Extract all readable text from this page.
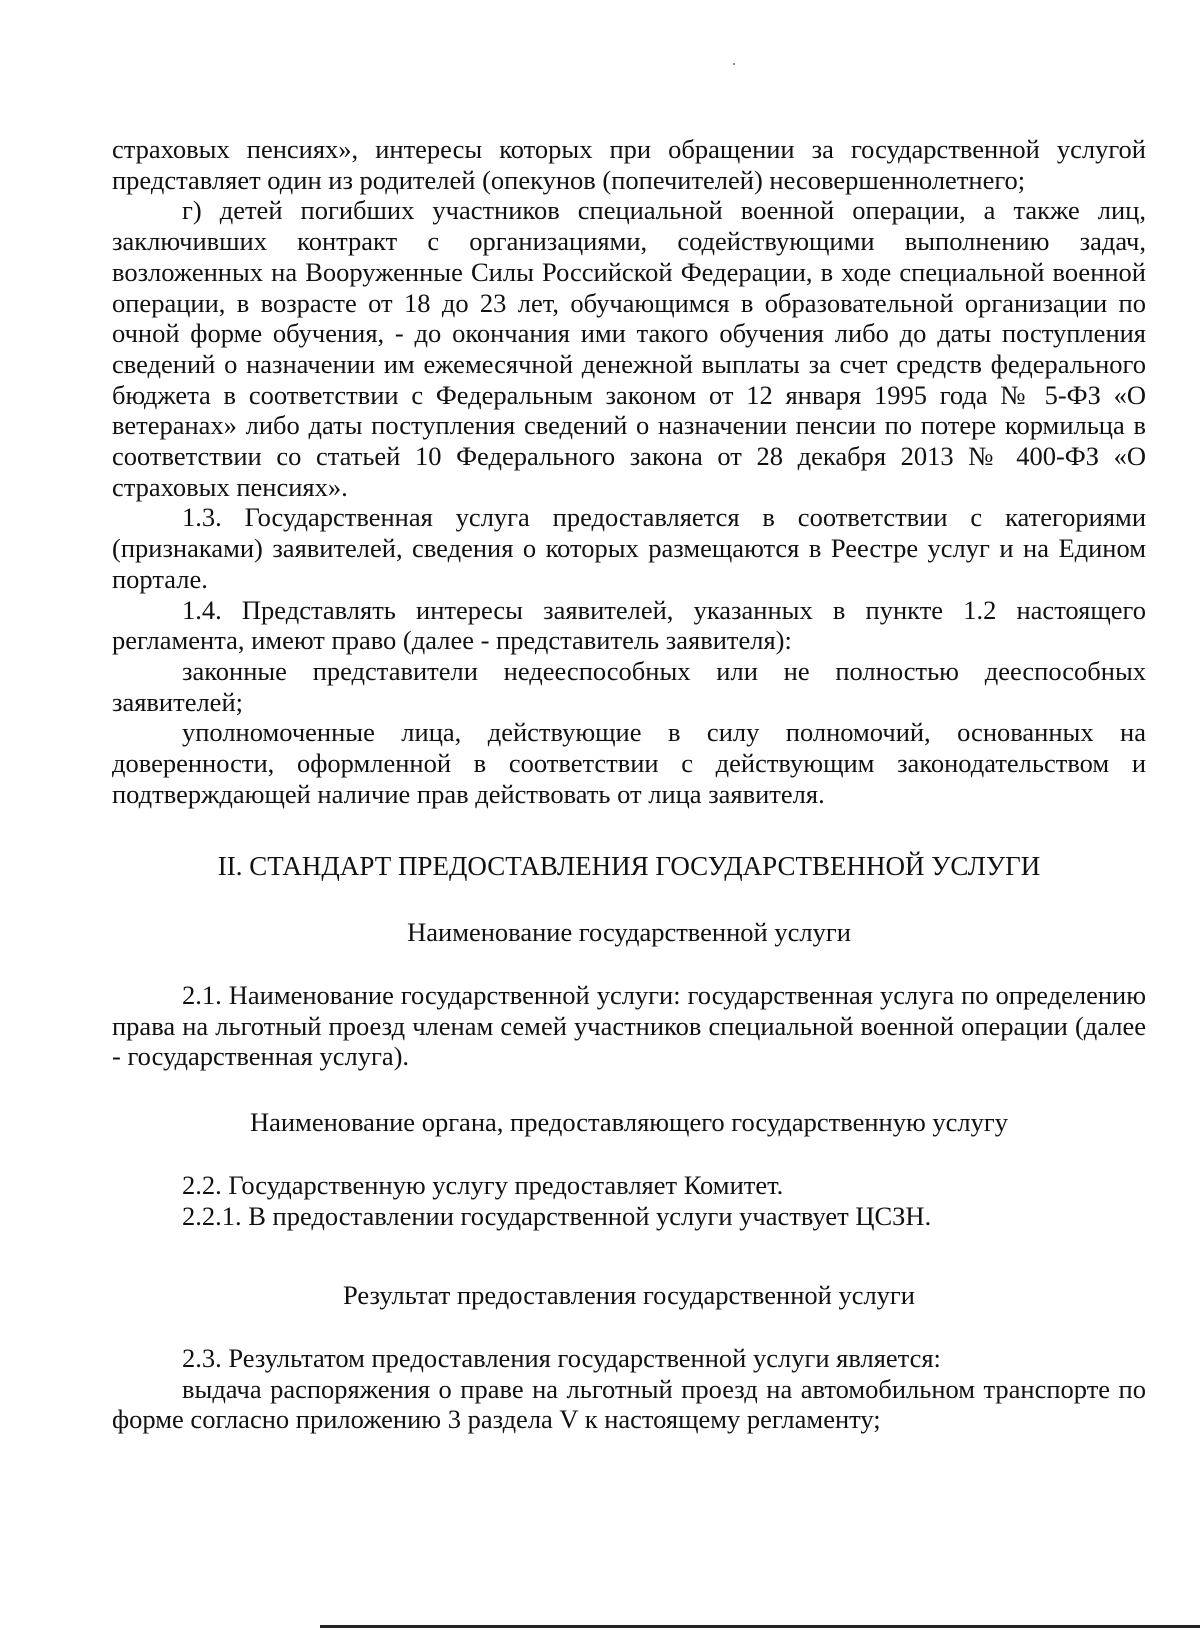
страховых пенсиях», интересы которых при обращении за государственной услугой представляет один из родителей (опекунов (попечителей) несовершеннолетнего;

г) детей погибших участников специальной военной операции, а также лиц, заключивших контракт с организациями, содействующими выполнению задач, возложенных на Вооруженные Силы Российской Федерации, в ходе специальной военной операции, в возрасте от 18 до 23 лет, обучающимся в образовательной организации по очной форме обучения, - до окончания ими такого обучения либо до даты поступления сведений о назначении им ежемесячной денежной выплаты за счет средств федерального бюджета в соответствии с Федеральным законом от 12 января 1995 года № 5-ФЗ «О ветеранах» либо даты поступления сведений о назначении пенсии по потере кормильца в соответствии со статьей 10 Федерального закона от 28 декабря 2013 № 400-ФЗ «О страховых пенсиях».

1.3. Государственная услуга предоставляется в соответствии с категориями (признаками) заявителей, сведения о которых размещаются в Реестре услуг и на Едином портале.

1.4. Представлять интересы заявителей, указанных в пункте 1.2 настоящего регламента, имеют право (далее - представитель заявителя):

законные представители недееспособных или не полностью дееспособных заявителей;

уполномоченные лица, действующие в силу полномочий, основанных на доверенности, оформленной в соответствии с действующим законодательством и подтверждающей наличие прав действовать от лица заявителя.

II. СТАНДАРТ ПРЕДОСТАВЛЕНИЯ ГОСУДАРСТВЕННОЙ УСЛУГИ
Наименование государственной услуги

2.1. Наименование государственной услуги: государственная услуга по определению права на льготный проезд членам семей участников специальной военной операции (далее - государственная услуга).

Наименование органа, предоставляющего государственную услугу

2.2. Государственную услугу предоставляет Комитет.

2.2.1. В предоставлении государственной услуги участвует ЦСЗН.

Результат предоставления государственной услуги

2.3. Результатом предоставления государственной услуги является:

выдача распоряжения о праве на льготный проезд на автомобильном транспорте по форме согласно приложению 3 раздела V к настоящему регламенту;
